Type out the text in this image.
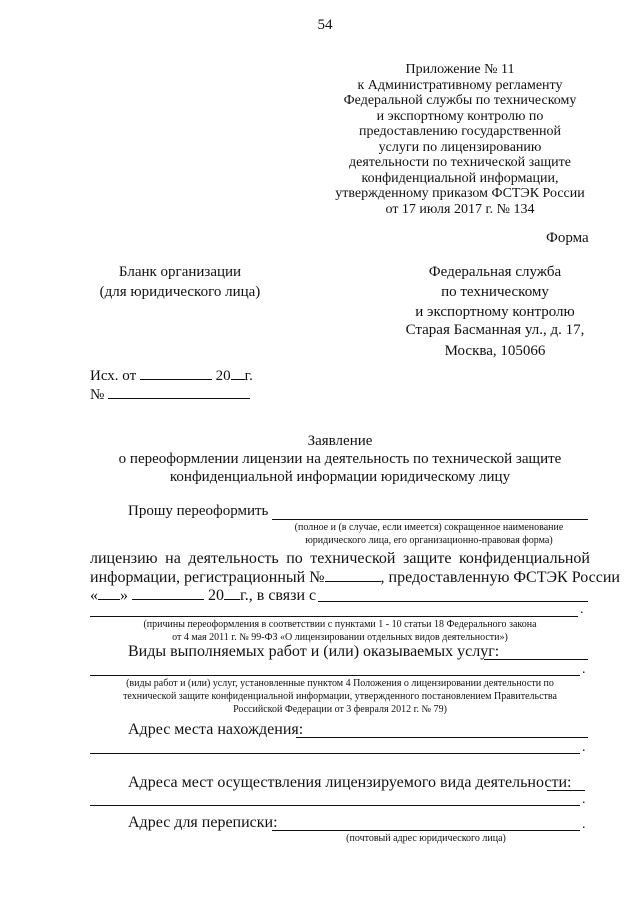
54
Приложение № 11
к Административному регламенту
Федеральной службы по техническому
и экспортному контролю по
предоставлению государственной
услуги по лицензированию
деятельности по технической защите
конфиденциальной информации,
утвержденному приказом ФСТЭК России
от 17 июля 2017 г. № 134
Форма
Бланк организации
(для юридического лица)
Федеральная служба
по техническому
и экспортному контролю
Старая Басманная ул., д. 17,
Москва, 105066
Исх. от	20 г.
№
Заявление
о переоформлении лицензии на деятельность по технической защите
конфиденциальной информации юридическому лицу
Прошу переоформить
(полное и (в случае, если имеется) сокращенное наименование
юридического лица, его организационно-правовая форма)
лицензию на деятельность по технической защите конфиденциальной
информации, регистрационный №	, предоставленную ФСТЭК России
« »	20 г., в связи с
.
(причины переоформления в соответствии с пунктами 1 - 10 статьи 18 Федерального закона
от 4 мая 2011 г. № 99-ФЗ «О лицензировании отдельных видов деятельности»)
Виды выполняемых работ и (или) оказываемых услуг:
.
(виды работ и (или) услуг, установленные пунктом 4 Положения о лицензировании деятельности по
технической защите конфиденциальной информации, утвержденного постановлением Правительства
Российской Федерации от 3 февраля 2012 г. № 79)
Адрес места нахождения:
.
Адреса мест осуществления лицензируемого вида деятельности:
.
Адрес для переписки:	.
(почтовый адрес юридического лица)
